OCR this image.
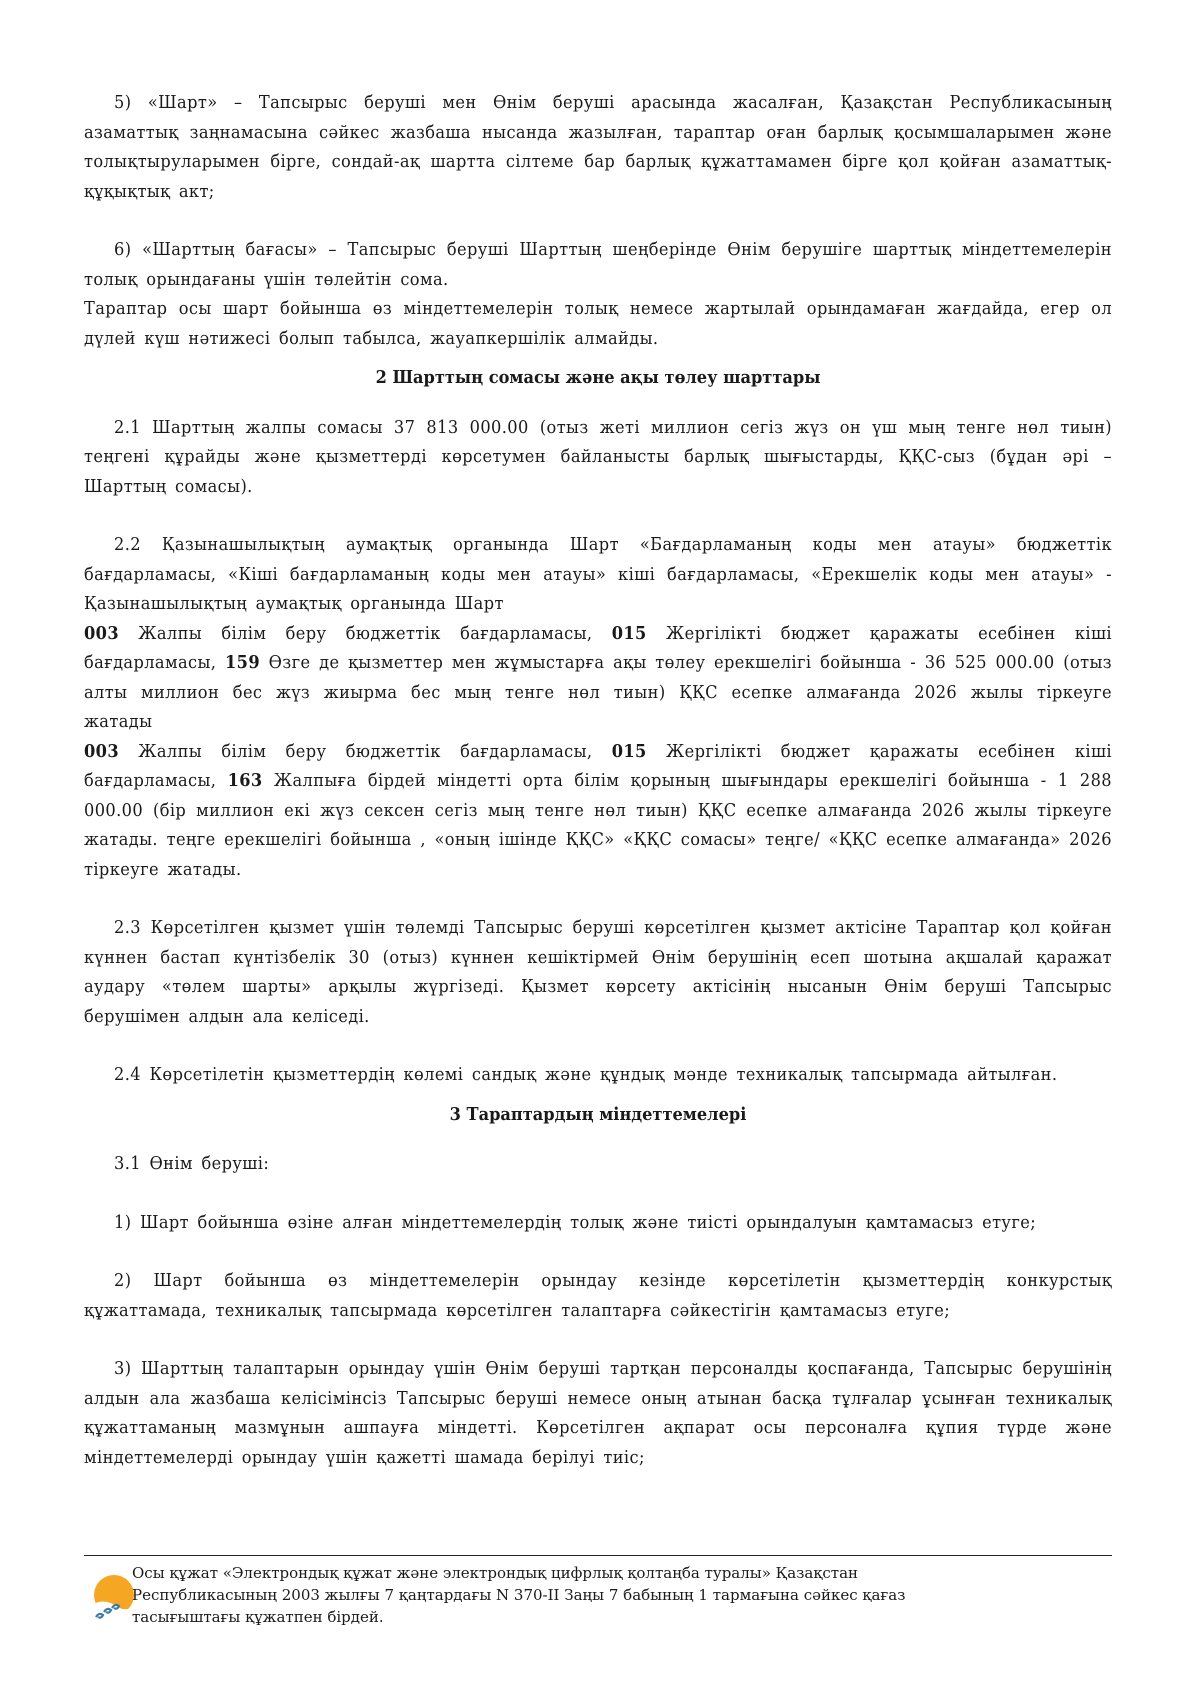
5) «Шарт» – Тапсырыс беруші мен Өнім беруші арасында жасалған, Қазақстан Республикасының азаматтық заңнамасына сәйкес жазбаша нысанда жазылған, тараптар оған барлық қосымшаларымен және толықтыруларымен бірге, сондай-ақ шартта сілтеме бар барлық құжаттамамен бірге қол қойған азаматтық-құқықтық акт;

6) «Шарттың бағасы» – Тапсырыс беруші Шарттың шеңберінде Өнім берушіге шарттық міндеттемелерін толық орындағаны үшін төлейтін сома.

Тараптар осы шарт бойынша өз міндеттемелерін толық немесе жартылай орындамаған жағдайда, егер ол дүлей күш нәтижесі болып табылса, жауапкершілік алмайды.

2 Шарттың сомасы және ақы төлеу шарттары

2.1 Шарттың жалпы сомасы 37 813 000.00 (отыз жеті миллион сегіз жүз он үш мың тенге нөл тиын) теңгені құрайды және қызметтерді көрсетумен байланысты барлық шығыстарды, ҚҚС-сыз (бұдан әрі – Шарттың сомасы).

2.2 Қазынашылықтың аумақтық органында Шарт «Бағдарламаның коды мен атауы» бюджеттік бағдарламасы, «Кіші бағдарламаның коды мен атауы» кіші бағдарламасы, «Ерекшелік коды мен атауы» - Қазынашылықтың аумақтық органында Шарт

003 Жалпы білім беру бюджеттік бағдарламасы, 015 Жергілікті бюджет қаражаты есебінен кіші бағдарламасы, 159 Өзге де қызметтер мен жұмыстарға ақы төлеу ерекшелігі бойынша - 36 525 000.00 (отыз алты миллион бес жүз жиырма бес мың тенге нөл тиын) ҚҚС есепке алмағанда 2026 жылы тіркеуге жатады

003 Жалпы білім беру бюджеттік бағдарламасы, 015 Жергілікті бюджет қаражаты есебінен кіші бағдарламасы, 163 Жалпыға бірдей міндетті орта білім қорының шығындары ерекшелігі бойынша - 1 288 000.00 (бір миллион екі жүз сексен сегіз мың тенге нөл тиын) ҚҚС есепке алмағанда 2026 жылы тіркеуге жатады. теңге ерекшелігі бойынша , «оның ішінде ҚҚС» «ҚҚС сомасы» теңге/ «ҚҚС есепке алмағанда» 2026 тіркеуге жатады.

2.3 Көрсетілген қызмет үшін төлемді Тапсырыс беруші көрсетілген қызмет актісіне Тараптар қол қойған күннен бастап күнтізбелік 30 (отыз) күннен кешіктірмей Өнім берушінің есеп шотына ақшалай қаражат аудару «төлем шарты» арқылы жүргізеді. Қызмет көрсету актісінің нысанын Өнім беруші Тапсырыс берушімен алдын ала келіседі.

2.4 Көрсетілетін қызметтердің көлемі сандық және құндық мәнде техникалық тапсырмада айтылған.

3 Тараптардың міндеттемелері

3.1 Өнім беруші:

1) Шарт бойынша өзіне алған міндеттемелердің толық және тиісті орындалуын қамтамасыз етуге;

2) Шарт бойынша өз міндеттемелерін орындау кезінде көрсетілетін қызметтердің конкурстық құжаттамада, техникалық тапсырмада көрсетілген талаптарға сәйкестігін қамтамасыз етуге;

3) Шарттың талаптарын орындау үшін Өнім беруші тартқан персоналды қоспағанда, Тапсырыс берушінің алдын ала жазбаша келісімінсіз Тапсырыс беруші немесе оның атынан басқа тұлғалар ұсынған техникалық құжаттаманың мазмұнын ашпауға міндетті. Көрсетілген ақпарат осы персоналға құпия түрде және міндеттемелерді орындау үшін қажетті шамада берілуі тиіс;

Осы құжат «Электрондық құжат және электрондық цифрлық қолтаңба туралы» Қазақстан
Республикасының 2003 жылғы 7 қаңтардағы N 370-II Заңы 7 бабының 1 тармағына сәйкес қағаз
тасығыштағы құжатпен бірдей.
